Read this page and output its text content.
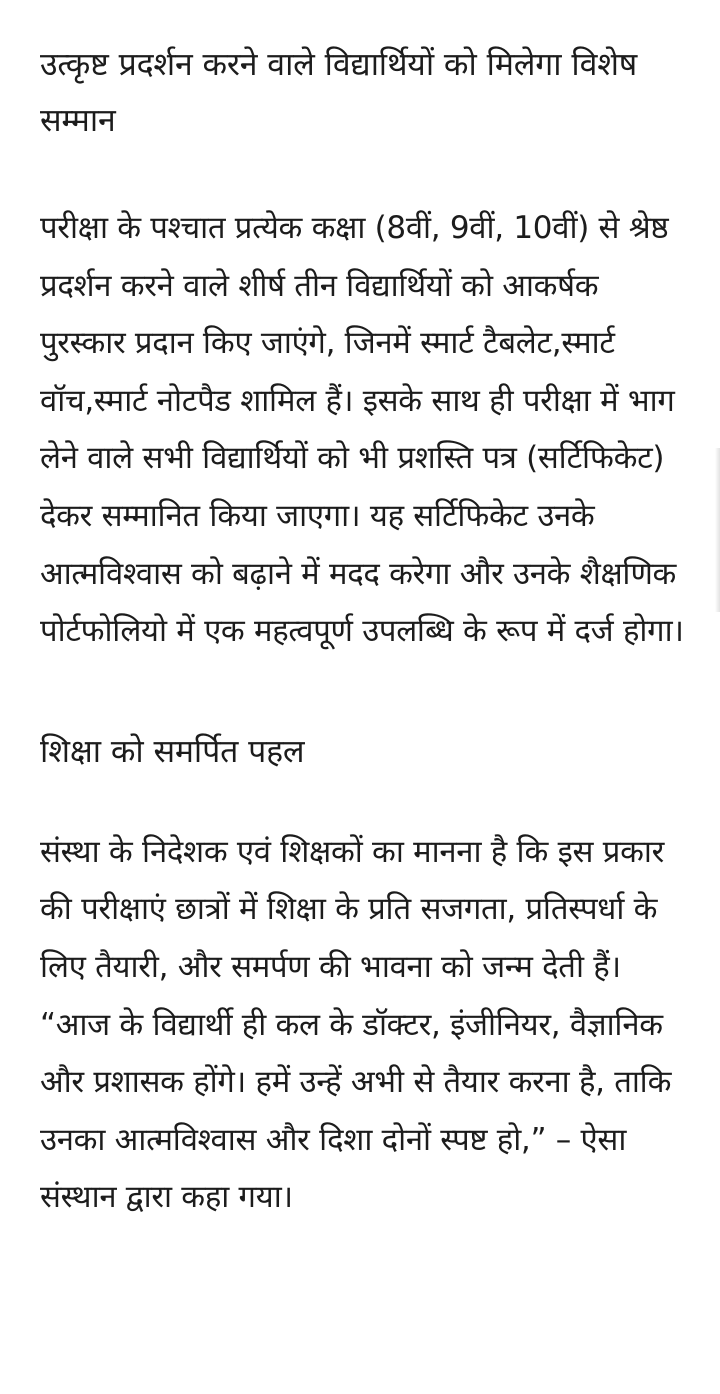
उत्कृष्ट प्रदर्शन करने वाले विद्यार्थियों को मिलेगा विशेष सम्मान

परीक्षा के पश्चात प्रत्येक कक्षा (8वीं, 9वीं, 10वीं) से श्रेष्ठ प्रदर्शन करने वाले शीर्ष तीन विद्यार्थियों को आकर्षक पुरस्कार प्रदान किए जाएंगे, जिनमें स्मार्ट टैबलेट,स्मार्ट वॉच,स्मार्ट नोटपैड शामिल हैं। इसके साथ ही परीक्षा में भाग लेने वाले सभी विद्यार्थियों को भी प्रशस्ति पत्र (सर्टिफिकेट) देकर सम्मानित किया जाएगा। यह सर्टिफिकेट उनके आत्मविश्वास को बढ़ाने में मदद करेगा और उनके शैक्षणिक पोर्टफोलियो में एक महत्वपूर्ण उपलब्धि के रूप में दर्ज होगा।

शिक्षा को समर्पित पहल

संस्था के निदेशक एवं शिक्षकों का मानना है कि इस प्रकार की परीक्षाएं छात्रों में शिक्षा के प्रति सजगता, प्रतिस्पर्धा के लिए तैयारी, और समर्पण की भावना को जन्म देती हैं। “आज के विद्यार्थी ही कल के डॉक्टर, इंजीनियर, वैज्ञानिक और प्रशासक होंगे। हमें उन्हें अभी से तैयार करना है, ताकि उनका आत्मविश्वास और दिशा दोनों स्पष्ट हो,” – ऐसा संस्थान द्वारा कहा गया।
